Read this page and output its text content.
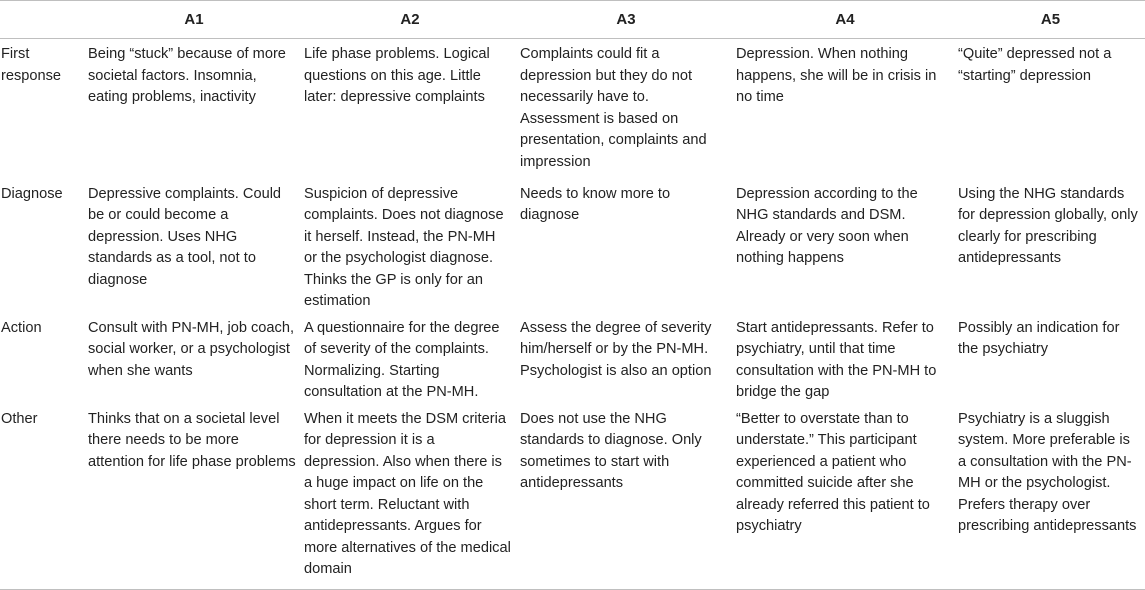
	A1	A2	A3	A4	A5
First response	Being “stuck” because of more societal factors. Insomnia, eating problems, inactivity	Life phase problems. Logical questions on this age. Little later: depressive complaints	Complaints could fit a depression but they do not necessarily have to. Assessment is based on presentation, complaints and impression	Depression. When nothing happens, she will be in crisis in no time	“Quite” depressed not a “starting” depression
Diagnose	Depressive complaints. Could be or could become a depression. Uses NHG standards as a tool, not to diagnose	Suspicion of depressive complaints. Does not diagnose it herself. Instead, the PN-MH or the psychologist diagnose. Thinks the GP is only for an estimation	Needs to know more to diagnose	Depression according to the NHG standards and DSM. Already or very soon when nothing happens	Using the NHG standards for depression globally, only clearly for prescribing antidepressants
Action	Consult with PN-MH, job coach, social worker, or a psychologist when she wants	A questionnaire for the degree of severity of the complaints. Normalizing. Starting consultation at the PN-MH.	Assess the degree of severity him/herself or by the PN-MH. Psychologist is also an option	Start antidepressants. Refer to psychiatry, until that time consultation with the PN-MH to bridge the gap	Possibly an indication for the psychiatry
Other	Thinks that on a societal level there needs to be more attention for life phase problems	When it meets the DSM criteria for depression it is a depression. Also when there is a huge impact on life on the short term. Reluctant with antidepressants. Argues for more alternatives of the medical domain	Does not use the NHG standards to diagnose. Only sometimes to start with antidepressants	“Better to overstate than to understate.” This participant experienced a patient who committed suicide after she already referred this patient to psychiatry	Psychiatry is a sluggish system. More preferable is a consultation with the PN-MH or the psychologist. Prefers therapy over prescribing antidepressants
